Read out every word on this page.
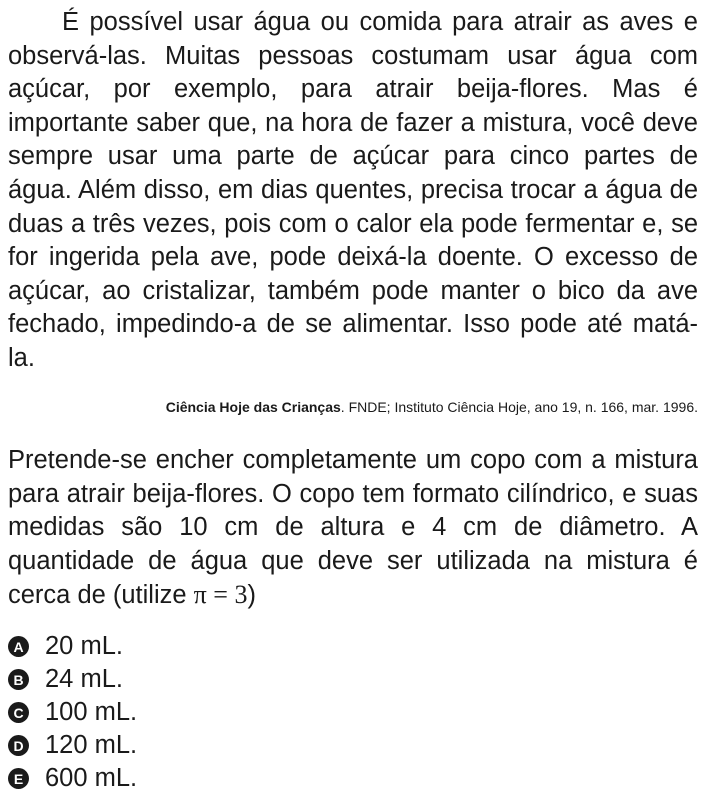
É possível usar água ou comida para atrair as aves e observá-las. Muitas pessoas costumam usar água com açúcar, por exemplo, para atrair beija-flores. Mas é importante saber que, na hora de fazer a mistura, você deve sempre usar uma parte de açúcar para cinco partes de água. Além disso, em dias quentes, precisa trocar a água de duas a três vezes, pois com o calor ela pode fermentar e, se for ingerida pela ave, pode deixá-la doente. O excesso de açúcar, ao cristalizar, também pode manter o bico da ave fechado, impedindo-a de se alimentar. Isso pode até matá-la.

Ciência Hoje das Crianças. FNDE; Instituto Ciência Hoje, ano 19, n. 166, mar. 1996.

Pretende-se encher completamente um copo com a mistura para atrair beija-flores. O copo tem formato cilíndrico, e suas medidas são 10 cm de altura e 4 cm de diâmetro. A quantidade de água que deve ser utilizada na mistura é cerca de (utilize π = 3)

A 20 mL.
B 24 mL.
C 100 mL.
D 120 mL.
E 600 mL.
